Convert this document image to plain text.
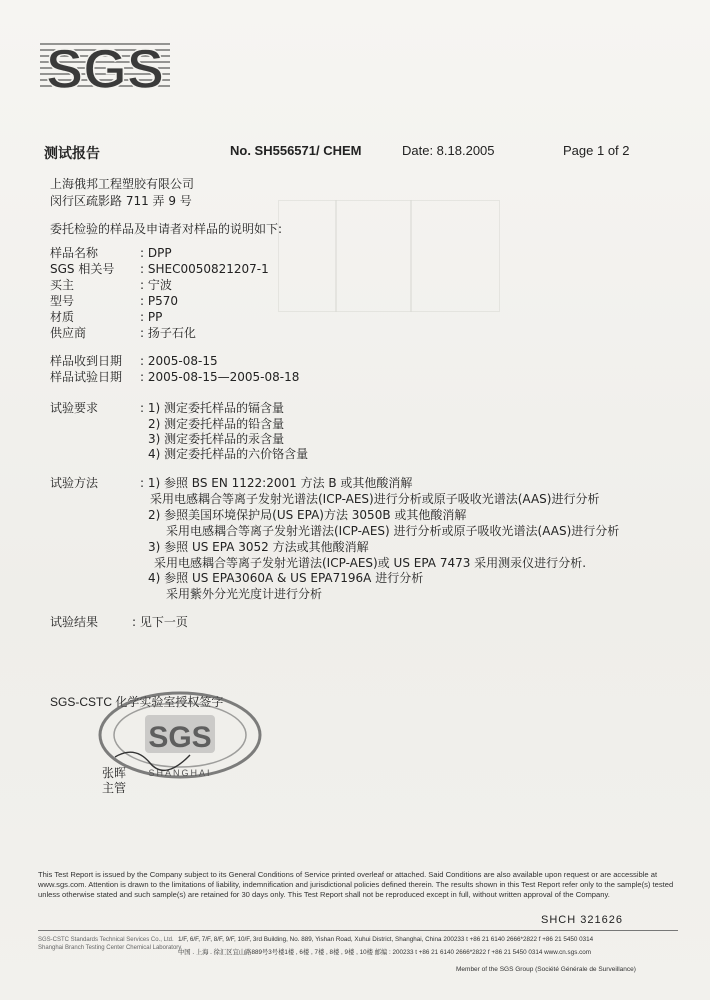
SGS
测试报告	No. SH556571/ CHEM	Date: 8.18.2005	Page 1 of 2
上海俄邦工程塑胶有限公司
闵行区疏影路 711 弄 9 号
委托检验的样品及申请者对样品的说明如下:
样品名称	: DPP
SGS 相关号 : SHEC0050821207-1
买主	: 宁波
型号	: P570
材质	: PP
供应商	: 扬子石化
样品收到日期 : 2005-08-15
样品试验日期 : 2005-08-15—2005-08-18
试验要求	: 1) 测定委托样品的镉含量
2) 测定委托样品的铅含量
3) 测定委托样品的汞含量
4) 测定委托样品的六价铬含量
试验方法	: 1) 参照 BS EN 1122:2001 方法 B 或其他酸消解
采用电感耦合等离子发射光谱法(ICP-AES)进行分析或原子吸收光谱法(AAS)进行分析
2) 参照美国环境保护局(US EPA)方法 3050B 或其他酸消解
采用电感耦合等离子发射光谱法(ICP-AES) 进行分析或原子吸收光谱法(AAS)进行分析
3) 参照 US EPA 3052 方法或其他酸消解
采用电感耦合等离子发射光谱法(ICP-AES)或 US EPA 7473 采用测汞仪进行分析.
4) 参照 US EPA3060A & US EPA7196A 进行分析
采用紫外分光光度计进行分析
试验结果	: 见下一页
SGS-CSTC 化学实验室授权签字
SGS
SHANGHAI
张晖
主管
This Test Report is issued by the Company subject to its General Conditions of Service printed overleaf or attached. Said Conditions are also available upon request or are accessible at www.sgs.com. Attention is drawn to the limitations of liability, indemnification and jurisdictional policies defined therein. The results shown in this Test Report refer only to the sample(s) tested unless otherwise stated and such sample(s) are retained for 30 days only. This Test Report shall not be reproduced except in full, without written approval of the Company.
SHCH 321626
SGS-CSTC Standards Technical Services Co., Ltd.
Shanghai Branch Testing Center Chemical Laboratory
1/F, 6/F, 7/F, 8/F, 9/F, 10/F, 3rd Building, No. 889, Yishan Road, Xuhui District, Shanghai, China 200233 t +86 21 6140 2666*2822 f +86 21 5450 0314
中国 . 上海 . 徐汇区宜山路889号3号楼1楼 , 6楼 , 7楼 , 8楼 , 9楼 , 10楼 邮编 : 200233 t +86 21 6140 2666*2822 f +86 21 5450 0314 www.cn.sgs.com
Member of the SGS Group (Société Générale de Surveillance)
